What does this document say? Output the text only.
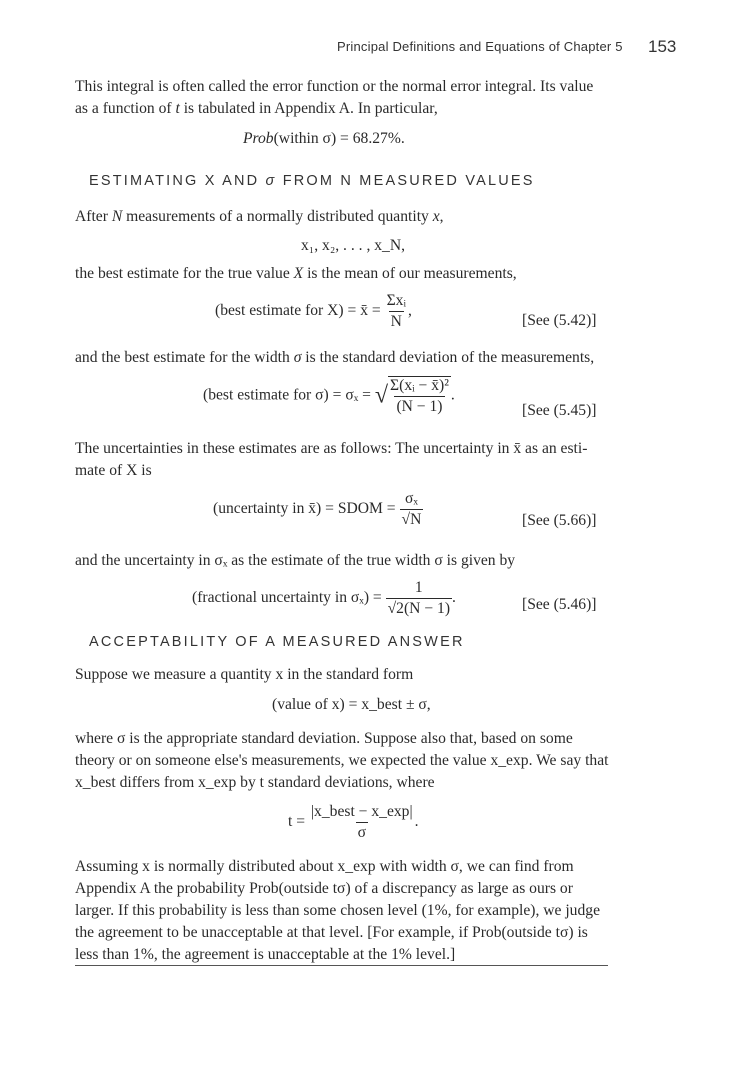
Principal Definitions and Equations of Chapter 5 153
This integral is often called the error function or the normal error integral. Its value
as a function of t is tabulated in Appendix A. In particular,
Prob(within σ) = 68.27%.
ESTIMATING X AND σ FROM N MEASURED VALUES
After N measurements of a normally distributed quantity x,
x₁, x₂, . . . , x_N,
the best estimate for the true value X is the mean of our measurements,
(best estimate for X) = x̄ = $\frac{\text{Σxᵢ}}{N}$ ,
[See (5.42)]
and the best estimate for the width σ is the standard deviation of the measurements,
(best estimate for σ) = σₓ = √ $\frac{\text{Σ(xᵢ − x̄)²}}{(N - 1)}$ .
[See (5.45)]
The uncertainties in these estimates are as follows: The uncertainty in x̄ as an esti-
mate of X is
(uncertainty in x̄) = SDOM = $\frac{\text{σₓ}}{√N}$	[See (5.66)]
and the uncertainty in σₓ as the estimate of the true width σ is given by
(fractional uncertainty in $\sigma_x) = \frac{1}{√2(N - 1)}$ .	[See (5.46)]
ACCEPTABILITY OF A MEASURED ANSWER
Suppose we measure a quantity x in the standard form
(value of x) = x_best ± σ,
where σ is the appropriate standard deviation. Suppose also that, based on some
theory or on someone else's measurements, we expected the value x_exp. We say that
x_best differs from x_exp by t standard deviations, where
$t = \frac{\text{|x\_best − x\_exp|}}{\sigma}$ .
Assuming x is normally distributed about x_exp with width σ, we can find from
Appendix A the probability Prob(outside tσ) of a discrepancy as large as ours or
larger. If this probability is less than some chosen level (1%, for example), we judge
the agreement to be unacceptable at that level. [For example, if Prob(outside tσ) is
less than 1%, the agreement is unacceptable at the 1% level.]
